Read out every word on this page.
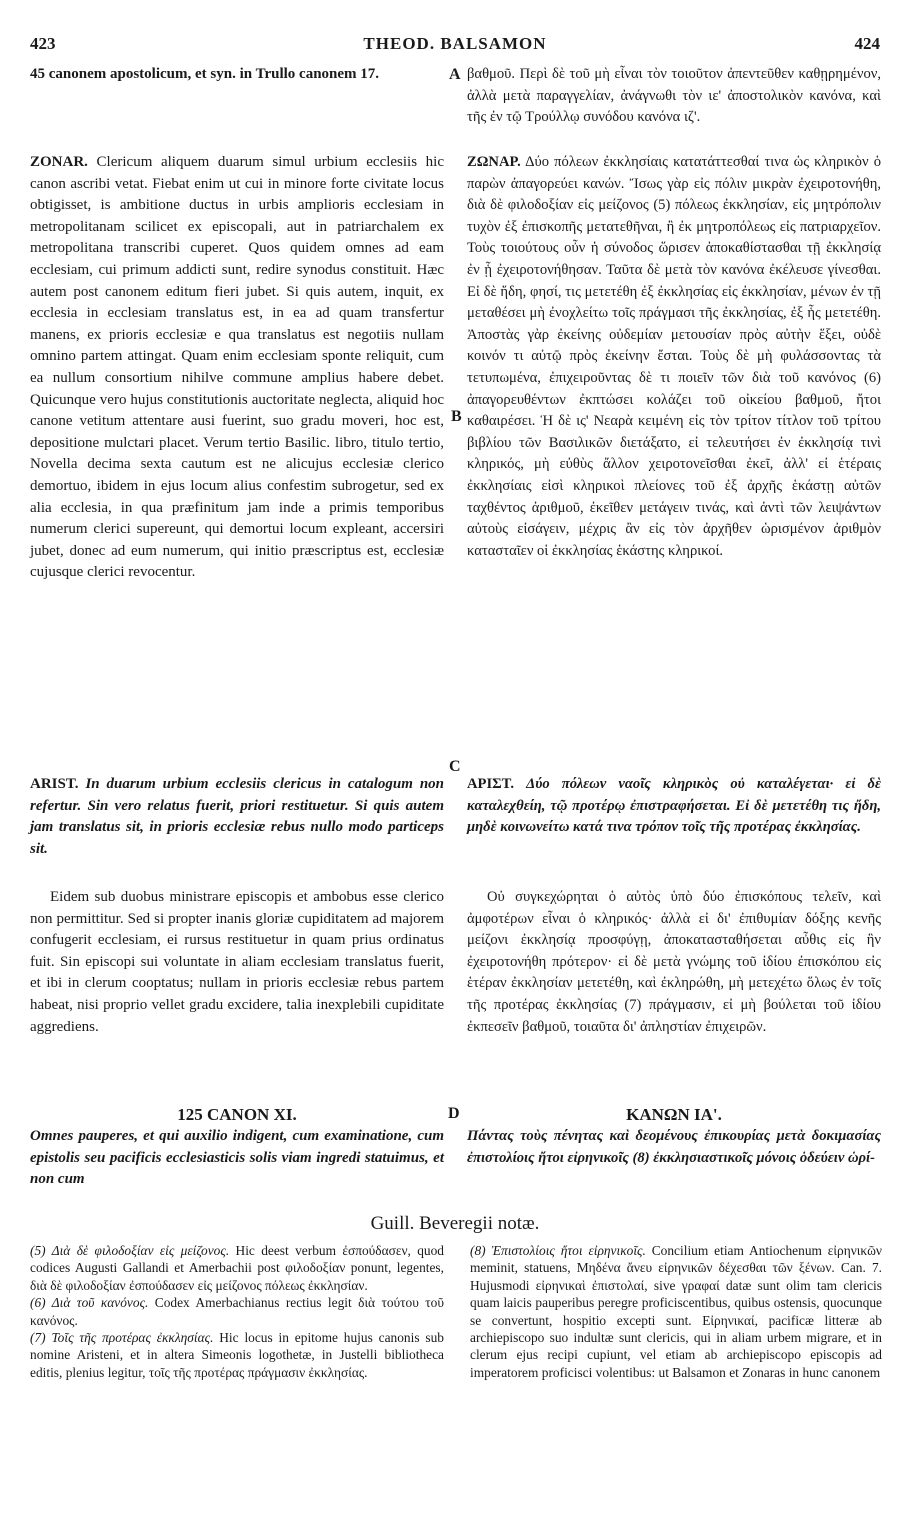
423	THEOD. BALSAMON	424
A
B
C
D

45 canonem apostolicum, et syn. in Trullo canonem 17.

ZONAR. Clericum aliquem duarum simul urbium ecclesiis hic canon ascribi vetat. Fiebat enim ut cui in minore forte civitate locus obtigisset, is ambitione ductus in urbis amplioris ecclesiam in metropolitanam scilicet ex episcopali, aut in patriarchalem ex metropolitana transcribi cuperet. Quos quidem omnes ad eam ecclesiam, cui primum addicti sunt, redire synodus constituit. Hæc autem post canonem editum fieri jubet. Si quis autem, inquit, ex ecclesia in ecclesiam translatus est, in ea ad quam transfertur manens, ex prioris ecclesiæ e qua translatus est negotiis nullam omnino partem attingat. Quam enim ecclesiam sponte reliquit, cum ea nullum consortium nihilve commune amplius habere debet. Quicunque vero hujus constitutionis auctoritate neglecta, aliquid hoc canone vetitum attentare ausi fuerint, suo gradu moveri, hoc est, depositione mulctari placet. Verum tertio Basilic. libro, titulo tertio, Novella decima sexta cautum est ne alicujus ecclesiæ clerico demortuo, ibidem in ejus locum alius confestim subrogetur, sed ex alia ecclesia, in qua præfinitum jam inde a primis temporibus numerum clerici supereunt, qui demortui locum expleant, accersiri jubet, donec ad eum numerum, qui initio præscriptus est, ecclesiæ cujusque clerici revocentur.

ARIST. In duarum urbium ecclesiis clericus in catalogum non refertur. Sin vero relatus fuerit, priori restituetur. Si quis autem jam translatus sit, in prioris ecclesiæ rebus nullo modo particeps sit.

Eidem sub duobus ministrare episcopis et ambobus esse clerico non permittitur. Sed si propter inanis gloriæ cupiditatem ad majorem confugerit ecclesiam, ei rursus restituetur in quam prius ordinatus fuit. Sin episcopi sui voluntate in aliam ecclesiam translatus fuerit, et ibi in clerum cooptatus; nullam in prioris ecclesiæ rebus partem habeat, nisi proprio vellet gradu excidere, talia inexplebili cupiditate aggrediens.

125 CANON XI.

Omnes pauperes, et qui auxilio indigent, cum examinatione, cum epistolis seu pacificis ecclesiasticis solis viam ingredi statuimus, et non cum

βαθμοῦ. Περὶ δὲ τοῦ μὴ εἶναι τὸν τοιοῦτον ἀπεντεῦθεν καθῃρημένον, ἀλλὰ μετὰ παραγγελίαν, ἀνάγνωθι τὸν ιε' ἀποστολικὸν κανόνα, καὶ τῆς ἐν τῷ Τρούλλῳ συνόδου κανόνα ιζ'.

ΖΩΝΑΡ. Δύο πόλεων ἐκκλησίαις κατατάττεσθαί τινα ὡς κληρικὸν ὁ παρὼν ἀπαγορεύει κανών. Ἴσως γὰρ εἰς πόλιν μικρὰν ἐχειροτονήθη, διὰ δὲ φιλοδοξίαν εἰς μείζονος (5) πόλεως ἐκκλησίαν, εἰς μητρόπολιν τυχὸν ἐξ ἐπισκοπῆς μετατεθῆναι, ἢ ἐκ μητροπόλεως εἰς πατριαρχεῖον. Τοὺς τοιούτους οὖν ἡ σύνοδος ὥρισεν ἀποκαθίστασθαι τῇ ἐκκλησίᾳ ἐν ᾗ ἐχειροτονήθησαν. Ταῦτα δὲ μετὰ τὸν κανόνα ἐκέλευσε γίνεσθαι. Εἰ δὲ ἤδη, φησί, τις μετετέθη ἐξ ἐκκλησίας εἰς ἐκκλησίαν, μένων ἐν τῇ μεταθέσει μὴ ἐνοχλείτω τοῖς πράγμασι τῆς ἐκκλησίας, ἐξ ἧς μετετέθη. Ἀποστὰς γὰρ ἐκείνης οὐδεμίαν μετουσίαν πρὸς αὐτὴν ἕξει, οὐδὲ κοινόν τι αὐτῷ πρὸς ἐκείνην ἔσται. Τοὺς δὲ μὴ φυλάσσοντας τὰ τετυπωμένα, ἐπιχειροῦντας δὲ τι ποιεῖν τῶν διὰ τοῦ κανόνος (6) ἀπαγορευθέντων ἐκπτώσει κολάζει τοῦ οἰκείου βαθμοῦ, ἤτοι καθαιρέσει. Ἡ δὲ ις' Νεαρὰ κειμένη εἰς τὸν τρίτον τίτλον τοῦ τρίτου βιβλίου τῶν Βασιλικῶν διετάξατο, εἰ τελευτήσει ἐν ἐκκλησίᾳ τινὶ κληρικός, μὴ εὐθὺς ἄλλον χειροτονεῖσθαι ἐκεῖ, ἀλλ' εἰ ἑτέραις ἐκκλησίαις εἰσὶ κληρικοὶ πλείονες τοῦ ἐξ ἀρχῆς ἑκάστῃ αὐτῶν ταχθέντος ἀριθμοῦ, ἐκεῖθεν μετάγειν τινάς, καὶ ἀντὶ τῶν λειψάντων αὐτοὺς εἰσάγειν, μέχρις ἂν εἰς τὸν ἀρχῆθεν ὡρισμένον ἀριθμὸν κατασταῖεν οἱ ἐκκλησίας ἑκάστης κληρικοί.

ΑΡΙΣΤ. Δύο πόλεων ναοῖς κληρικὸς οὐ καταλέγεται· εἰ δὲ καταλεχθείη, τῷ προτέρῳ ἐπιστραφήσεται. Εἰ δὲ μετετέθη τις ἤδη, μηδὲ κοινωνείτω κατά τινα τρόπον τοῖς τῆς προτέρας ἐκκλησίας.

Οὐ συγκεχώρηται ὁ αὐτὸς ὑπὸ δύο ἐπισκόπους τελεῖν, καὶ ἀμφοτέρων εἶναι ὁ κληρικός· ἀλλὰ εἰ δι' ἐπιθυμίαν δόξης κενῆς μείζονι ἐκκλησίᾳ προσφύγῃ, ἀποκατασταθήσεται αὖθις εἰς ἣν ἐχειροτονήθη πρότερον· εἰ δὲ μετὰ γνώμης τοῦ ἰδίου ἐπισκόπου εἰς ἑτέραν ἐκκλησίαν μετετέθη, καὶ ἐκληρώθη, μὴ μετεχέτω ὅλως ἐν τοῖς τῆς προτέρας ἐκκλησίας (7) πράγμασιν, εἰ μὴ βούλεται τοῦ ἰδίου ἐκπεσεῖν βαθμοῦ, τοιαῦτα δι' ἀπληστίαν ἐπιχειρῶν.

ΚΑΝΩΝ ΙΑ'.

Πάντας τοὺς πένητας καὶ δεομένους ἐπικουρίας μετὰ δοκιμασίας ἐπιστολίοις ἤτοι εἰρηνικοῖς (8) ἐκκλησιαστικοῖς μόνοις ὁδεύειν ὡρί-

Guill. Beveregii notæ.

(5) Διὰ δὲ φιλοδοξίαν εἰς μείζονος. Hic deest verbum ἐσπούδασεν, quod codices Augusti Gallandi et Amerbachii post φιλοδοξίαν ponunt, legentes, διὰ δὲ φιλοδοξίαν ἐσπούδασεν εἰς μείζονος πόλεως ἐκκλησίαν.

(6) Διὰ τοῦ κανόνος. Codex Amerbachianus rectius legit διὰ τούτου τοῦ κανόνος.

(7) Τοῖς τῆς προτέρας ἐκκλησίας. Hic locus in epitome hujus canonis sub nomine Aristeni, et in altera Simeonis logothetæ, in Justelli bibliotheca editis, plenius legitur, τοῖς τῆς προτέρας πράγμασιν ἐκκλησίας.

(8) Ἐπιστολίοις ἤτοι εἰρηνικοῖς. Concilium etiam Antiochenum εἰρηνικῶν meminit, statuens, Μηδένα ἄνευ εἰρηνικῶν δέχεσθαι τῶν ξένων. Can. 7. Hujusmodi εἰρηνικαὶ ἐπιστολαί, sive γραφαί datæ sunt olim tam clericis quam laicis pauperibus peregre proficiscentibus, quibus ostensis, quocunque se convertunt, hospitio excepti sunt. Εἰρηνικαί, pacificæ litteræ ab archiepiscopo suo indultæ sunt clericis, qui in aliam urbem migrare, et in clerum ejus recipi cupiunt, vel etiam ab archiepiscopo episcopis ad imperatorem proficisci volentibus: ut Balsamon et Zonaras in hunc canonem
